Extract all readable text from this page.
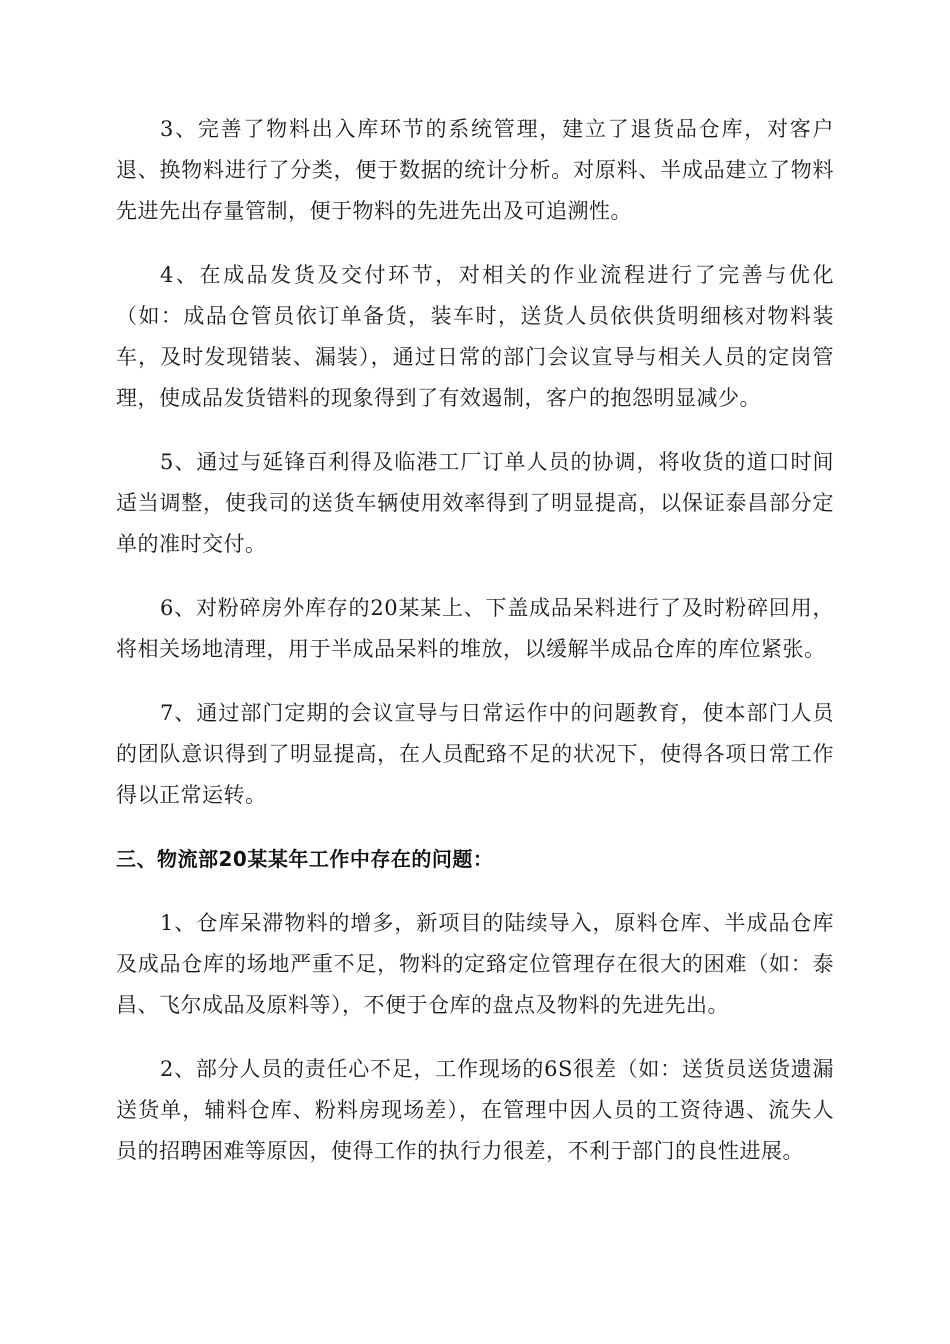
3、完善了物料出入库环节的系统管理，建立了退货品仓库，对客户退、换物料进行了分类，便于数据的统计分析。对原料、半成品建立了物料先进先出存量管制，便于物料的先进先出及可追溯性。

4、在成品发货及交付环节，对相关的作业流程进行了完善与优化（如：成品仓管员依订单备货，装车时，送货人员依供货明细核对物料装车，及时发现错装、漏装），通过日常的部门会议宣导与相关人员的定岗管理，使成品发货错料的现象得到了有效遏制，客户的抱怨明显减少。

5、通过与延锋百利得及临港工厂订单人员的协调，将收货的道口时间适当调整，使我司的送货车辆使用效率得到了明显提高，以保证泰昌部分定单的准时交付。

6、对粉碎房外库存的20某某上、下盖成品呆料进行了及时粉碎回用，将相关场地清理，用于半成品呆料的堆放，以缓解半成品仓库的库位紧张。

7、通过部门定期的会议宣导与日常运作中的问题教育，使本部门人员的团队意识得到了明显提高，在人员配臵不足的状况下，使得各项日常工作得以正常运转。

三、物流部20某某年工作中存在的问题：

1、仓库呆滞物料的增多，新项目的陆续导入，原料仓库、半成品仓库及成品仓库的场地严重不足，物料的定臵定位管理存在很大的困难（如：泰昌、飞尔成品及原料等），不便于仓库的盘点及物料的先进先出。

2、部分人员的责任心不足，工作现场的6S很差（如：送货员送货遗漏送货单，辅料仓库、粉料房现场差），在管理中因人员的工资待遇、流失人员的招聘困难等原因，使得工作的执行力很差，不利于部门的良性进展。
